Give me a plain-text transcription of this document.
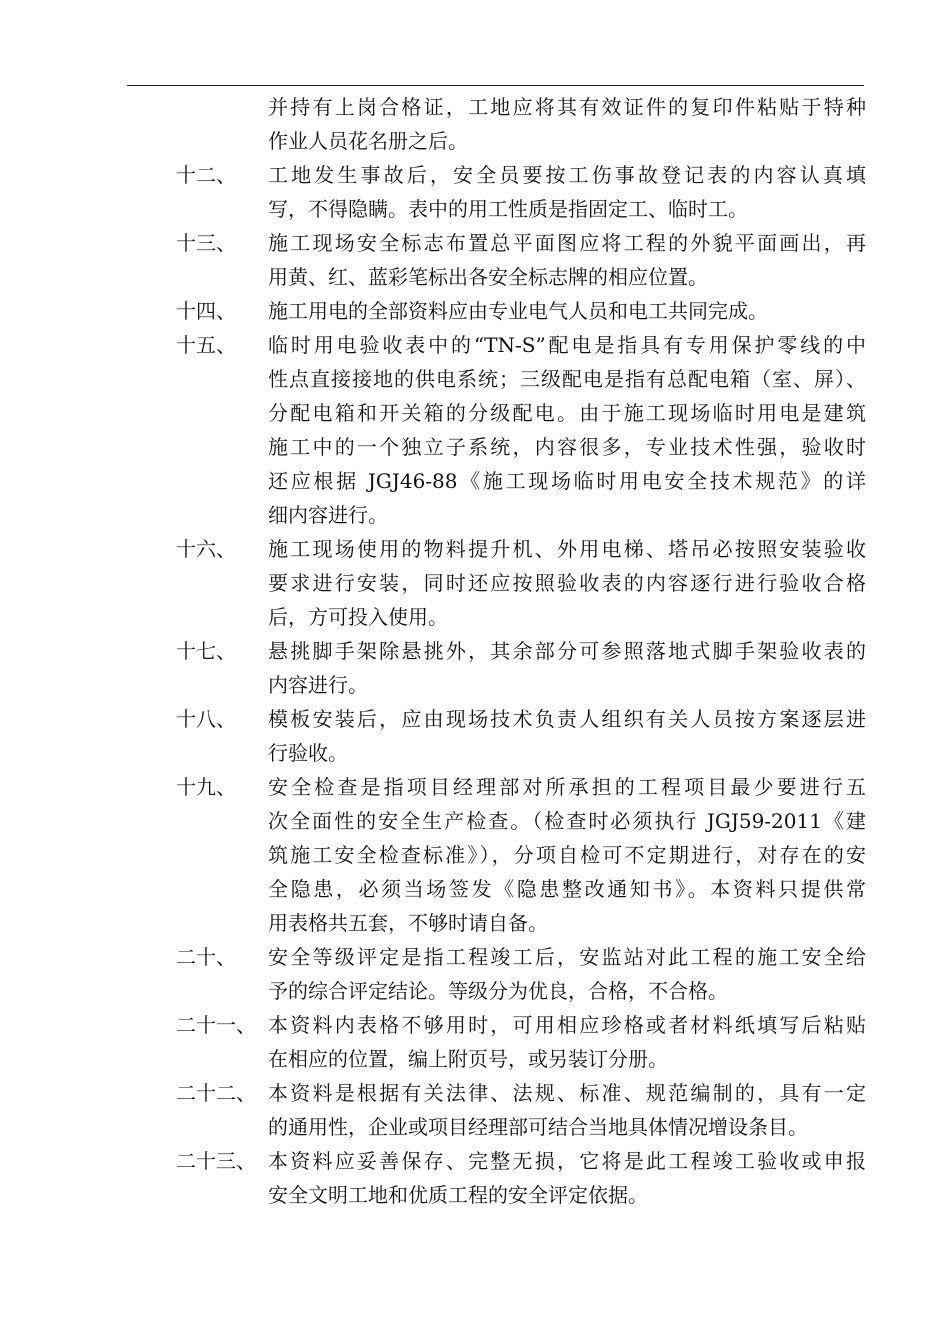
并持有上岗合格证，工地应将其有效证件的复印件粘贴于特种
作业人员花名册之后。
十二、	工地发生事故后，安全员要按工伤事故登记表的内容认真填
写，不得隐瞒。表中的用工性质是指固定工、临时工。
十三、	施工现场安全标志布置总平面图应将工程的外貌平面画出，再
用黄、红、蓝彩笔标出各安全标志牌的相应位置。
十四、	施工用电的全部资料应由专业电气人员和电工共同完成。
十五、	临时用电验收表中的“TN-S”配电是指具有专用保护零线的中
性点直接接地的供电系统；三级配电是指有总配电箱（室、屏）、
分配电箱和开关箱的分级配电。由于施工现场临时用电是建筑
施工中的一个独立子系统，内容很多，专业技术性强，验收时
还应根据 JGJ46-88《施工现场临时用电安全技术规范》的详
细内容进行。
十六、	施工现场使用的物料提升机、外用电梯、塔吊必按照安装验收
要求进行安装，同时还应按照验收表的内容逐行进行验收合格
后，方可投入使用。
十七、	悬挑脚手架除悬挑外，其余部分可参照落地式脚手架验收表的
内容进行。
十八、	模板安装后，应由现场技术负责人组织有关人员按方案逐层进
行验收。
十九、	安全检查是指项目经理部对所承担的工程项目最少要进行五
次全面性的安全生产检查。（检查时必须执行 JGJ59-2011《建
筑施工安全检查标准》），分项自检可不定期进行，对存在的安
全隐患，必须当场签发《隐患整改通知书》。本资料只提供常
用表格共五套，不够时请自备。
二十、	安全等级评定是指工程竣工后，安监站对此工程的施工安全给
予的综合评定结论。等级分为优良，合格，不合格。
二十一、 本资料内表格不够用时，可用相应珍格或者材料纸填写后粘贴
在相应的位置，编上附页号，或另装订分册。
二十二、 本资料是根据有关法律、法规、标准、规范编制的，具有一定
的通用性，企业或项目经理部可结合当地具体情况增设条目。
二十三、 本资料应妥善保存、完整无损，它将是此工程竣工验收或申报
安全文明工地和优质工程的安全评定依据。
